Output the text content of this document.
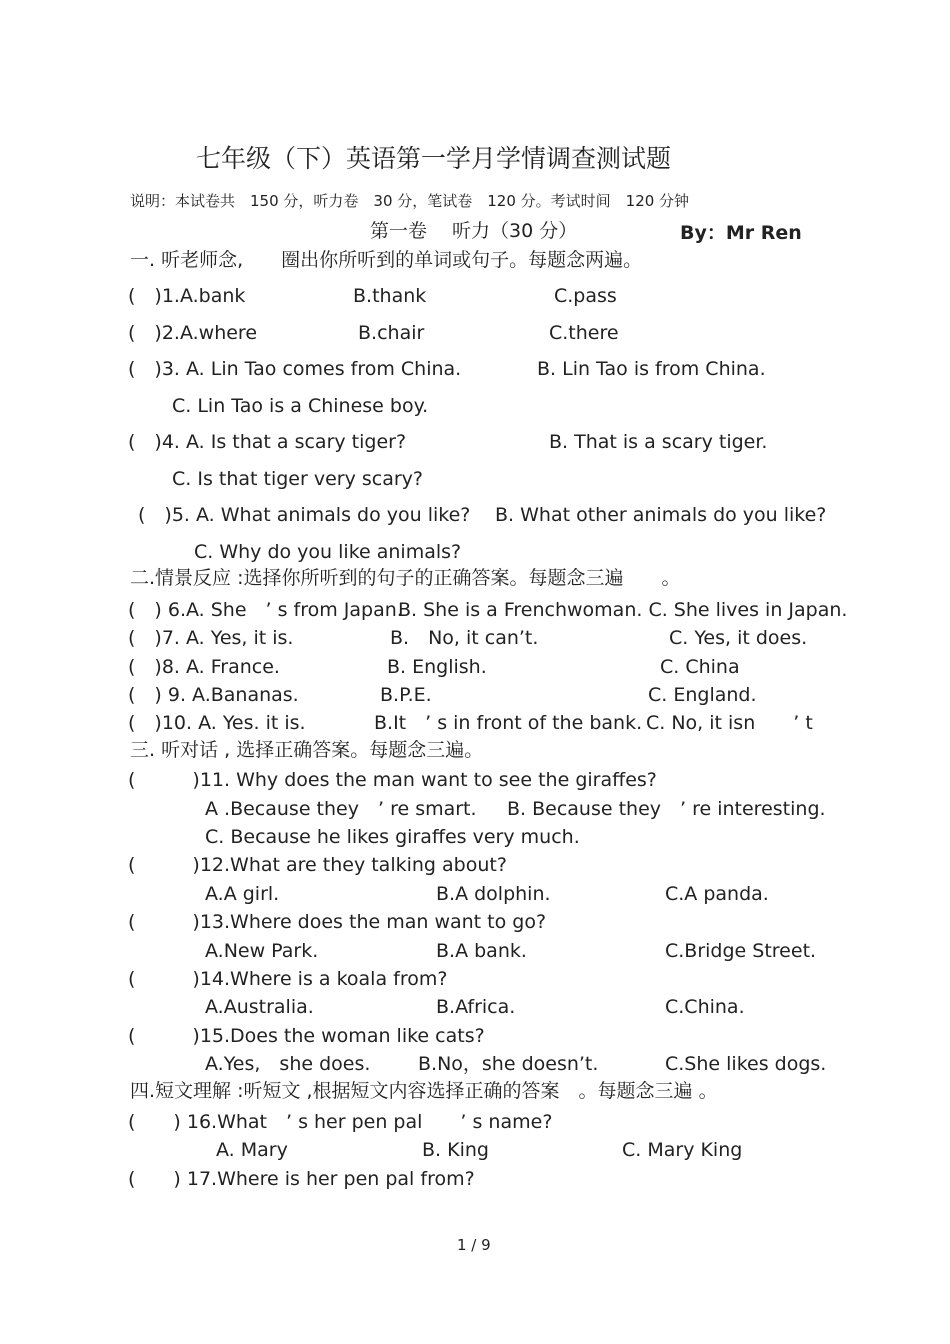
七年级（下）英语第一学月学情调查测试题
说明：本试卷共　150 分，听力卷　30 分，笔试卷　120 分。考试时间　120 分钟
第一卷　 听力（30 分）	By：Mr Ren
一. 听老师念,　　圈出你所听到的单词或句子。每题念两遍。
(　)1.A.bank	B.thank	C.pass
(　)2.A.where	B.chair	C.there
(　)3. A. Lin Tao comes from China.	B. Lin Tao is from China.
C. Lin Tao is a Chinese boy.
(　)4. A. Is that a scary tiger?	B. That is a scary tiger.
C. Is that tiger very scary?
(　)5. A. What animals do you like? B. What other animals do you like?
C. Why do you like animals?
二.情景反应 :选择你所听到的句子的正确答案。每题念三遍　　。
(　) 6.A. She　’ s from Japan.
B. She is a Frenchwoman. C. She lives in Japan.
(　)7. A. Yes, it is.	B.　No, it can’t.	C. Yes, it does.
(　)8. A. France.	B. English.	C. China
(　) 9. A.Bananas.	B.P.E.	C. England.
(　)10. A. Yes. it is.	B.It　’ s in front of the bank. C. No, it isn　　’ t
三. 听对话 , 选择正确答案。每题念三遍。
(　　　)11. Why does the man want to see the giraffes?
A .Because they　’ re smart. B. Because they　’ re interesting.
C. Because he likes giraffes very much.
(　　　)12.What are they talking about?
A.A girl.	B.A dolphin.	C.A panda.
(　　　)13.Where does the man want to go?
A.New Park.	B.A bank.	C.Bridge Street.
(　　　)14.Where is a koala from?
A.Australia.	B.Africa.	C.China.
(　　　)15.Does the woman like cats?
A.Yes,　she does.	B.No，she doesn’t.	C.She likes dogs.
四.短文理解 :听短文 ,根据短文内容选择正确的答案　。每题念三遍 。
(　　) 16.What　’ s her pen pal　　’ s name?
A. Mary	B. King	C. Mary King
(　　) 17.Where is her pen pal from?
1 / 9
